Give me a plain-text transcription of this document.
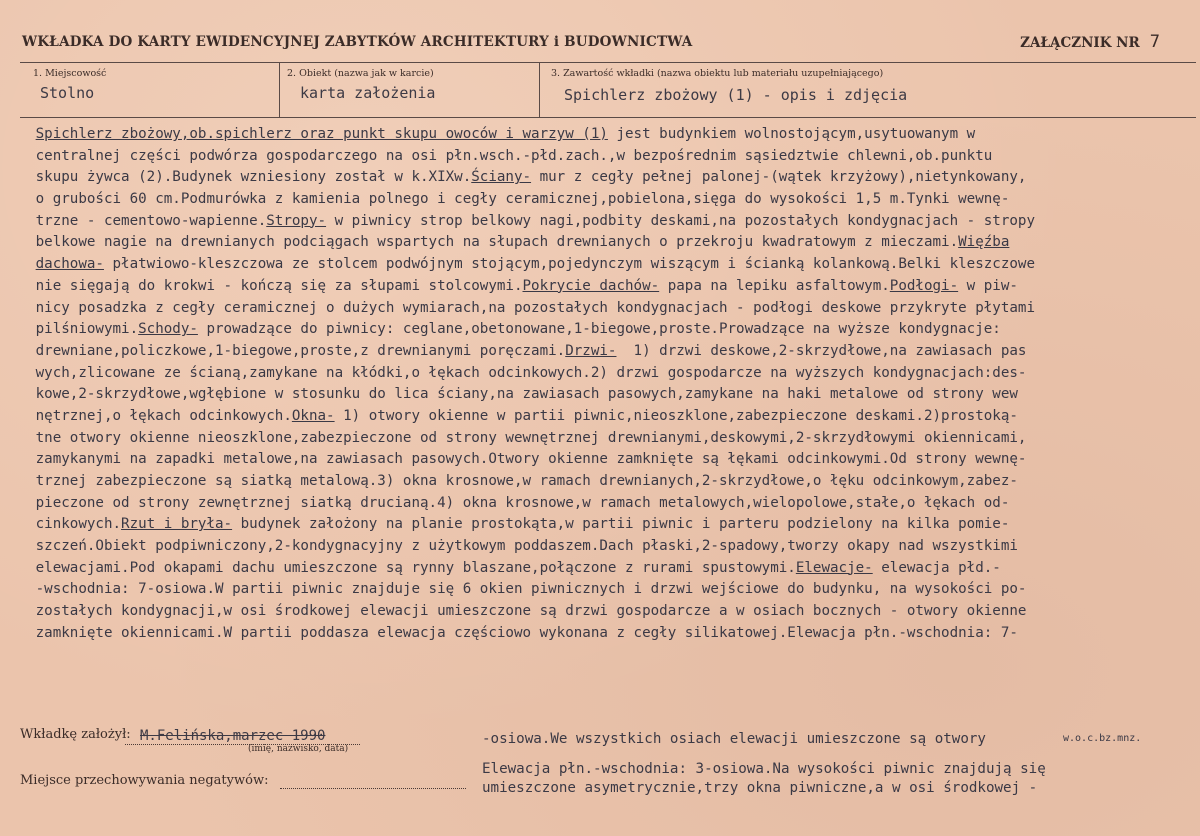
WKŁADKA DO KARTY EWIDENCYJNEJ ZABYTKÓW ARCHITEKTURY i BUDOWNICTWA	ZAŁĄCZNIK NR 7
1. Miejscowość
Stolno
2. Obiekt (nazwa jak w karcie)
karta założenia
3. Zawartość wkładki (nazwa obiektu lub materiału uzupełniającego)
Spichlerz zbożowy (1) - opis i zdjęcia
Spichlerz zbożowy,ob.spichlerz oraz punkt skupu owoców i warzyw (1) jest budynkiem wolnostojącym,usytuowanym w
centralnej części podwórza gospodarczego na osi płn.wsch.-płd.zach.,w bezpośrednim sąsiedztwie chlewni,ob.punktu
skupu żywca (2).Budynek wzniesiony został w k.XIXw.Ściany- mur z cegły pełnej palonej-(wątek krzyżowy),nietynkowany,
o grubości 60 cm.Podmurówka z kamienia polnego i cegły ceramicznej,pobielona,sięga do wysokości 1,5 m.Tynki wewnę-
trzne - cementowo-wapienne.Stropy- w piwnicy strop belkowy nagi,podbity deskami,na pozostałych kondygnacjach - stropy
belkowe nagie na drewnianych podciągach wspartych na słupach drewnianych o przekroju kwadratowym z mieczami.Więźba
dachowa- płatwiowo-kleszczowa ze stolcem podwójnym stojącym,pojedynczym wiszącym i ścianką kolankową.Belki kleszczowe
nie sięgają do krokwi - kończą się za słupami stolcowymi.Pokrycie dachów- papa na lepiku asfaltowym.Podłogi- w piw-
nicy posadzka z cegły ceramicznej o dużych wymiarach,na pozostałych kondygnacjach - podłogi deskowe przykryte płytami
pilśniowymi.Schody- prowadzące do piwnicy: ceglane,obetonowane,1-biegowe,proste.Prowadzące na wyższe kondygnacje:
drewniane,policzkowe,1-biegowe,proste,z drewnianymi poręczami.Drzwi-  1) drzwi deskowe,2-skrzydłowe,na zawiasach pas
wych,zlicowane ze ścianą,zamykane na kłódki,o łękach odcinkowych.2) drzwi gospodarcze na wyższych kondygnacjach:des-
kowe,2-skrzydłowe,wgłębione w stosunku do lica ściany,na zawiasach pasowych,zamykane na haki metalowe od strony wew
nętrznej,o łękach odcinkowych.Okna- 1) otwory okienne w partii piwnic,nieoszklone,zabezpieczone deskami.2)prostoką-
tne otwory okienne nieoszklone,zabezpieczone od strony wewnętrznej drewnianymi,deskowymi,2-skrzydłowymi okiennicami,
zamykanymi na zapadki metalowe,na zawiasach pasowych.Otwory okienne zamknięte są łękami odcinkowymi.Od strony wewnę-
trznej zabezpieczone są siatką metalową.3) okna krosnowe,w ramach drewnianych,2-skrzydłowe,o łęku odcinkowym,zabez-
pieczone od strony zewnętrznej siatką drucianą.4) okna krosnowe,w ramach metalowych,wielopolowe,stałe,o łękach od-
cinkowych.Rzut i bryła- budynek założony na planie prostokąta,w partii piwnic i parteru podzielony na kilka pomie-
szczeń.Obiekt podpiwniczony,2-kondygnacyjny z użytkowym poddaszem.Dach płaski,2-spadowy,tworzy okapy nad wszystkimi
elewacjami.Pod okapami dachu umieszczone są rynny blaszane,połączone z rurami spustowymi.Elewacje- elewacja płd.-
-wschodnia: 7-osiowa.W partii piwnic znajduje się 6 okien piwnicznych i drzwi wejściowe do budynku, na wysokości po-
zostałych kondygnacji,w osi środkowej elewacji umieszczone są drzwi gospodarcze a w osiach bocznych - otwory okienne
zamknięte okiennicami.W partii poddasza elewacja częściowo wykonana z cegły silikatowej.Elewacja płn.-wschodnia: 7-
Wkładkę założył: M.Felińska,marzec 1990
(imię, nazwisko, data)
-osiowa.We wszystkich osiach elewacji umieszczone są otwory	w.o.c.bz.mnz.
Miejsce przechowywania negatywów:
Elewacja płn.-wschodnia: 3-osiowa.Na wysokości piwnic znajdują się
umieszczone asymetrycznie,trzy okna piwniczne,a w osi środkowej -
